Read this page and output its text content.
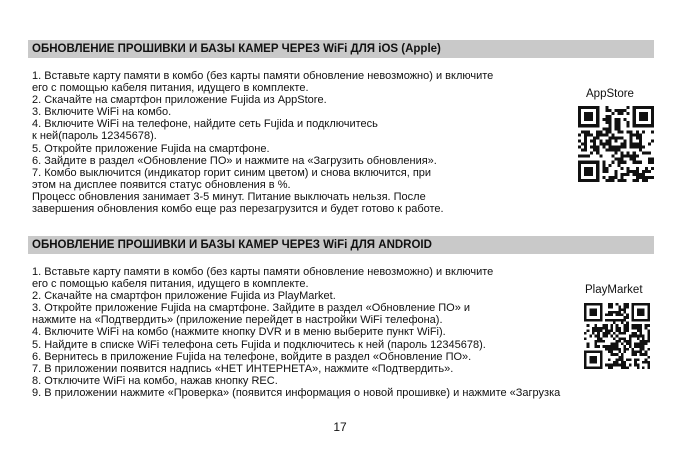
ОБНОВЛЕНИЕ ПРОШИВКИ И БАЗЫ КАМЕР ЧЕРЕЗ WiFi ДЛЯ iOS (Apple)
1. Вставьте карту памяти в комбо (без карты памяти обновление невозможно) и включите
его с помощью кабеля питания, идущего в комплекте.
2. Скачайте на смартфон приложение Fujida из AppStore.
3. Включите WiFi на комбо.
4. Включите WiFi на телефоне, найдите сеть Fujida и подключитесь
к ней(пароль 12345678).
5. Откройте приложение Fujida на смартфоне.
6. Зайдите в раздел «Обновление ПО» и нажмите на «Загрузить обновления».
7. Комбо выключится (индикатор горит синим цветом) и снова включится, при
этом на дисплее появится статус обновления в %.
Процесс обновления занимает 3-5 минут. Питание выключать нельзя. После
завершения обновления комбо еще раз перезагрузится и будет готово к работе.
AppStore
ОБНОВЛЕНИЕ ПРОШИВКИ И БАЗЫ КАМЕР ЧЕРЕЗ WiFi ДЛЯ ANDROID
1. Вставьте карту памяти в комбо (без карты памяти обновление невозможно) и включите
его с помощью кабеля питания, идущего в комплекте.
2. Скачайте на смартфон приложение Fujida из PlayMarket.
3. Откройте приложение Fujida на смартфоне. Зайдите в раздел «Обновление ПО» и
нажмите на «Подтвердить» (приложение перейдет в настройки WiFi телефона).
4. Включите WiFi на комбо (нажмите кнопку DVR и в меню выберите пункт WiFi).
5. Найдите в списке WiFi телефона сеть Fujida и подключитесь к ней (пароль 12345678).
6. Вернитесь в приложение Fujida на телефоне, войдите в раздел «Обновление ПО».
7. В приложении появится надпись «НЕТ ИНТЕРНЕТА», нажмите «Подтвердить».
8. Отключите WiFi на комбо, нажав кнопку REC.
9. В приложении нажмите «Проверка» (появится информация о новой прошивке) и нажмите «Загрузка
PlayMarket
17
